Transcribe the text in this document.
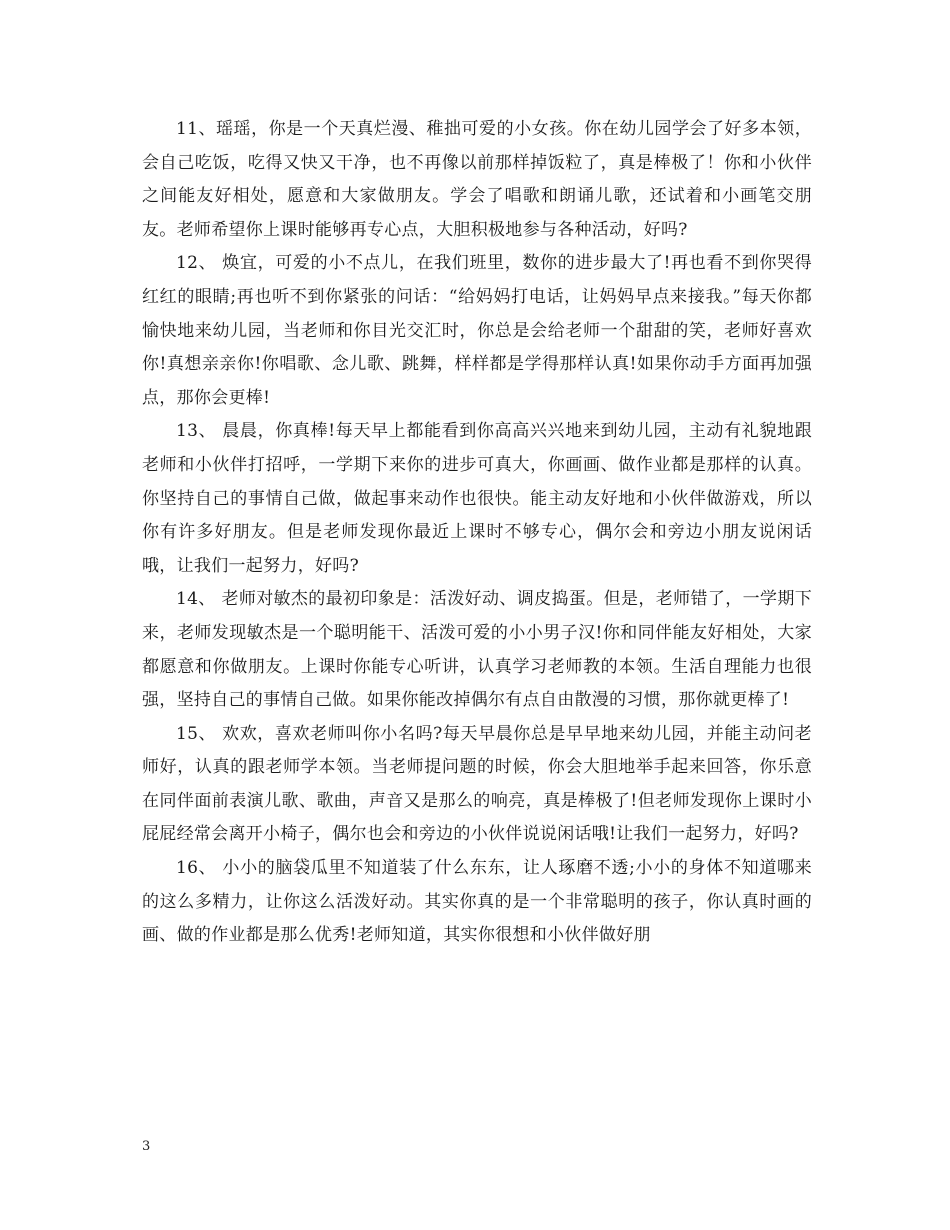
11、瑶瑶，你是一个天真烂漫、稚拙可爱的小女孩。你在幼儿园学会了好多本领，会自己吃饭，吃得又快又干净，也不再像以前那样掉饭粒了，真是棒极了！你和小伙伴之间能友好相处，愿意和大家做朋友。学会了唱歌和朗诵儿歌，还试着和小画笔交朋友。老师希望你上课时能够再专心点，大胆积极地参与各种活动，好吗?

12、 焕宜，可爱的小不点儿，在我们班里，数你的进步最大了!再也看不到你哭得红红的眼睛;再也听不到你紧张的问话：“给妈妈打电话，让妈妈早点来接我。”每天你都愉快地来幼儿园，当老师和你目光交汇时，你总是会给老师一个甜甜的笑，老师好喜欢你!真想亲亲你!你唱歌、念儿歌、跳舞，样样都是学得那样认真!如果你动手方面再加强点，那你会更棒!

13、 晨晨，你真棒!每天早上都能看到你高高兴兴地来到幼儿园，主动有礼貌地跟老师和小伙伴打招呼，一学期下来你的进步可真大，你画画、做作业都是那样的认真。你坚持自己的事情自己做，做起事来动作也很快。能主动友好地和小伙伴做游戏，所以你有许多好朋友。但是老师发现你最近上课时不够专心，偶尔会和旁边小朋友说闲话哦，让我们一起努力，好吗?

14、 老师对敏杰的最初印象是：活泼好动、调皮捣蛋。但是，老师错了，一学期下来，老师发现敏杰是一个聪明能干、活泼可爱的小小男子汉!你和同伴能友好相处，大家都愿意和你做朋友。上课时你能专心听讲，认真学习老师教的本领。生活自理能力也很强，坚持自己的事情自己做。如果你能改掉偶尔有点自由散漫的习惯，那你就更棒了!

15、 欢欢，喜欢老师叫你小名吗?每天早晨你总是早早地来幼儿园，并能主动问老师好，认真的跟老师学本领。当老师提问题的时候，你会大胆地举手起来回答，你乐意在同伴面前表演儿歌、歌曲，声音又是那么的响亮，真是棒极了!但老师发现你上课时小屁屁经常会离开小椅子，偶尔也会和旁边的小伙伴说说闲话哦!让我们一起努力，好吗?

16、 小小的脑袋瓜里不知道装了什么东东，让人琢磨不透;小小的身体不知道哪来的这么多精力，让你这么活泼好动。其实你真的是一个非常聪明的孩子，你认真时画的画、做的作业都是那么优秀!老师知道，其实你很想和小伙伴做好朋

3
